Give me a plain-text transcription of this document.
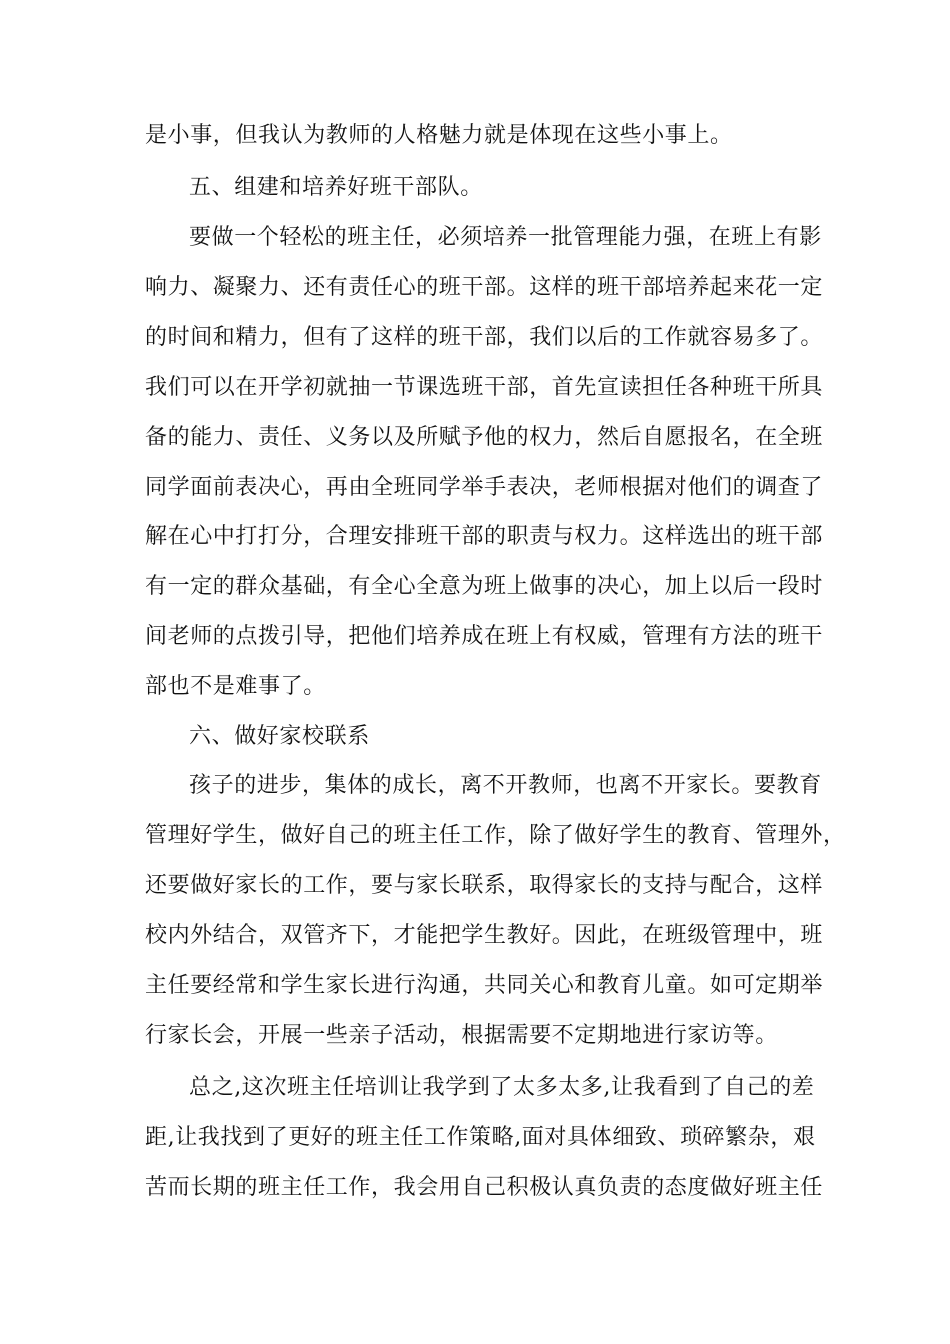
是小事，但我认为教师的人格魅力就是体现在这些小事上。
五、组建和培养好班干部队。
要做一个轻松的班主任，必须培养一批管理能力强，在班上有影
响力、凝聚力、还有责任心的班干部。这样的班干部培养起来花一定
的时间和精力，但有了这样的班干部，我们以后的工作就容易多了。
我们可以在开学初就抽一节课选班干部，首先宣读担任各种班干所具
备的能力、责任、义务以及所赋予他的权力，然后自愿报名，在全班
同学面前表决心，再由全班同学举手表决，老师根据对他们的调查了
解在心中打打分，合理安排班干部的职责与权力。这样选出的班干部
有一定的群众基础，有全心全意为班上做事的决心，加上以后一段时
间老师的点拨引导，把他们培养成在班上有权威，管理有方法的班干
部也不是难事了。
六、做好家校联系
孩子的进步，集体的成长，离不开教师，也离不开家长。要教育
管理好学生，做好自己的班主任工作，除了做好学生的教育、管理外，
还要做好家长的工作，要与家长联系，取得家长的支持与配合，这样
校内外结合，双管齐下，才能把学生教好。因此，在班级管理中，班
主任要经常和学生家长进行沟通，共同关心和教育儿童。如可定期举
行家长会，开展一些亲子活动，根据需要不定期地进行家访等。
总之,这次班主任培训让我学到了太多太多,让我看到了自己的差
距,让我找到了更好的班主任工作策略,面对具体细致、琐碎繁杂，艰
苦而长期的班主任工作，我会用自己积极认真负责的态度做好班主任
